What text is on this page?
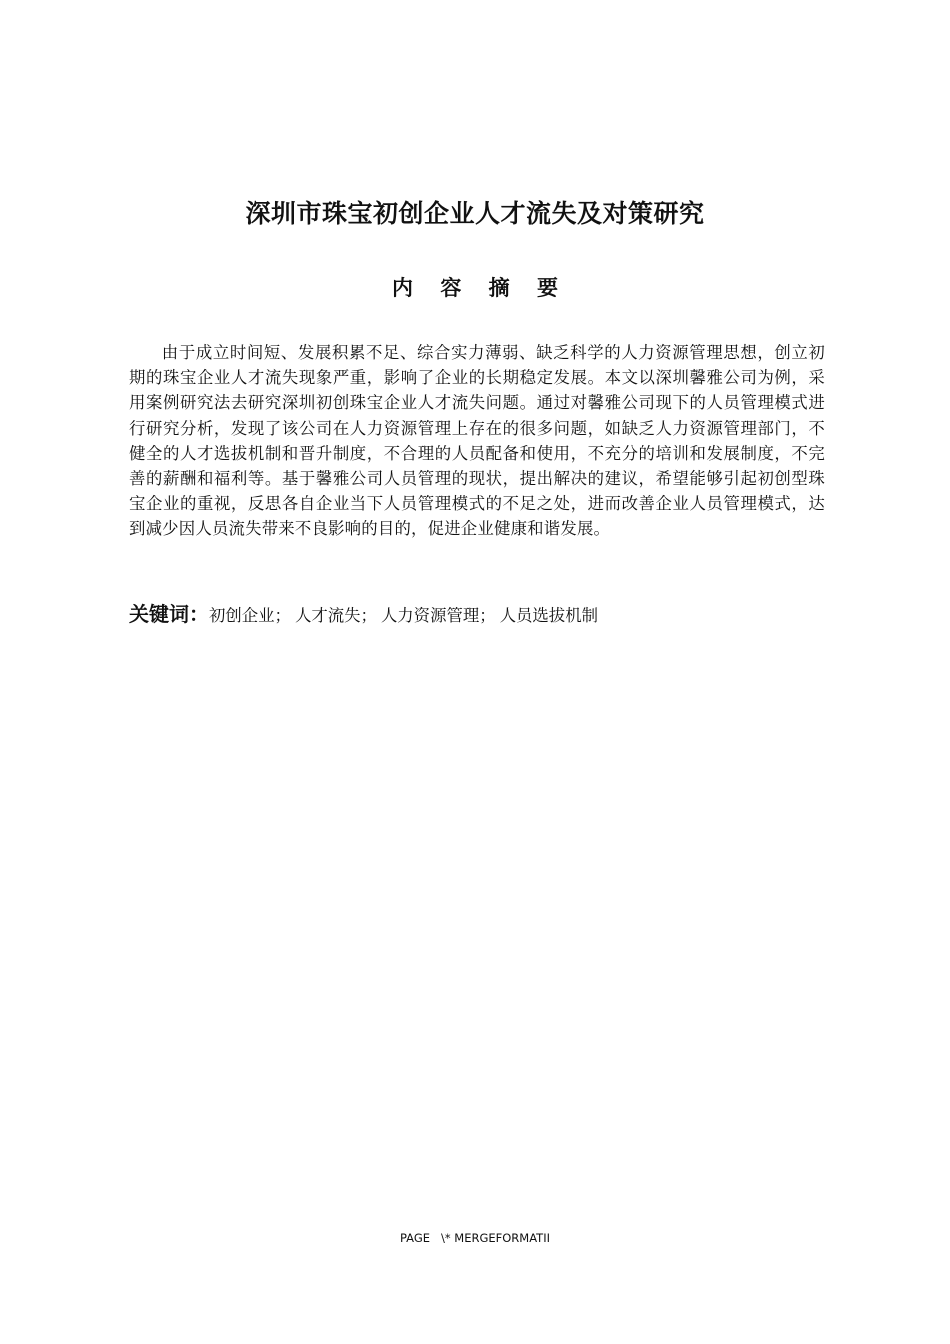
深圳市珠宝初创企业人才流失及对策研究
内 容 摘 要

由于成立时间短、发展积累不足、综合实力薄弱、缺乏科学的人力资源管理思想，创立初期的珠宝企业人才流失现象严重，影响了企业的长期稳定发展。本文以深圳馨雅公司为例，采用案例研究法去研究深圳初创珠宝企业人才流失问题。通过对馨雅公司现下的人员管理模式进行研究分析，发现了该公司在人力资源管理上存在的很多问题，如缺乏人力资源管理部门，不健全的人才选拔机制和晋升制度，不合理的人员配备和使用，不充分的培训和发展制度，不完善的薪酬和福利等。基于馨雅公司人员管理的现状，提出解决的建议，希望能够引起初创型珠宝企业的重视，反思各自企业当下人员管理模式的不足之处，进而改善企业人员管理模式，达到减少因人员流失带来不良影响的目的，促进企业健康和谐发展。

关键词：初创企业； 人才流失； 人力资源管理； 人员选拔机制

PAGE   \* MERGEFORMATII
